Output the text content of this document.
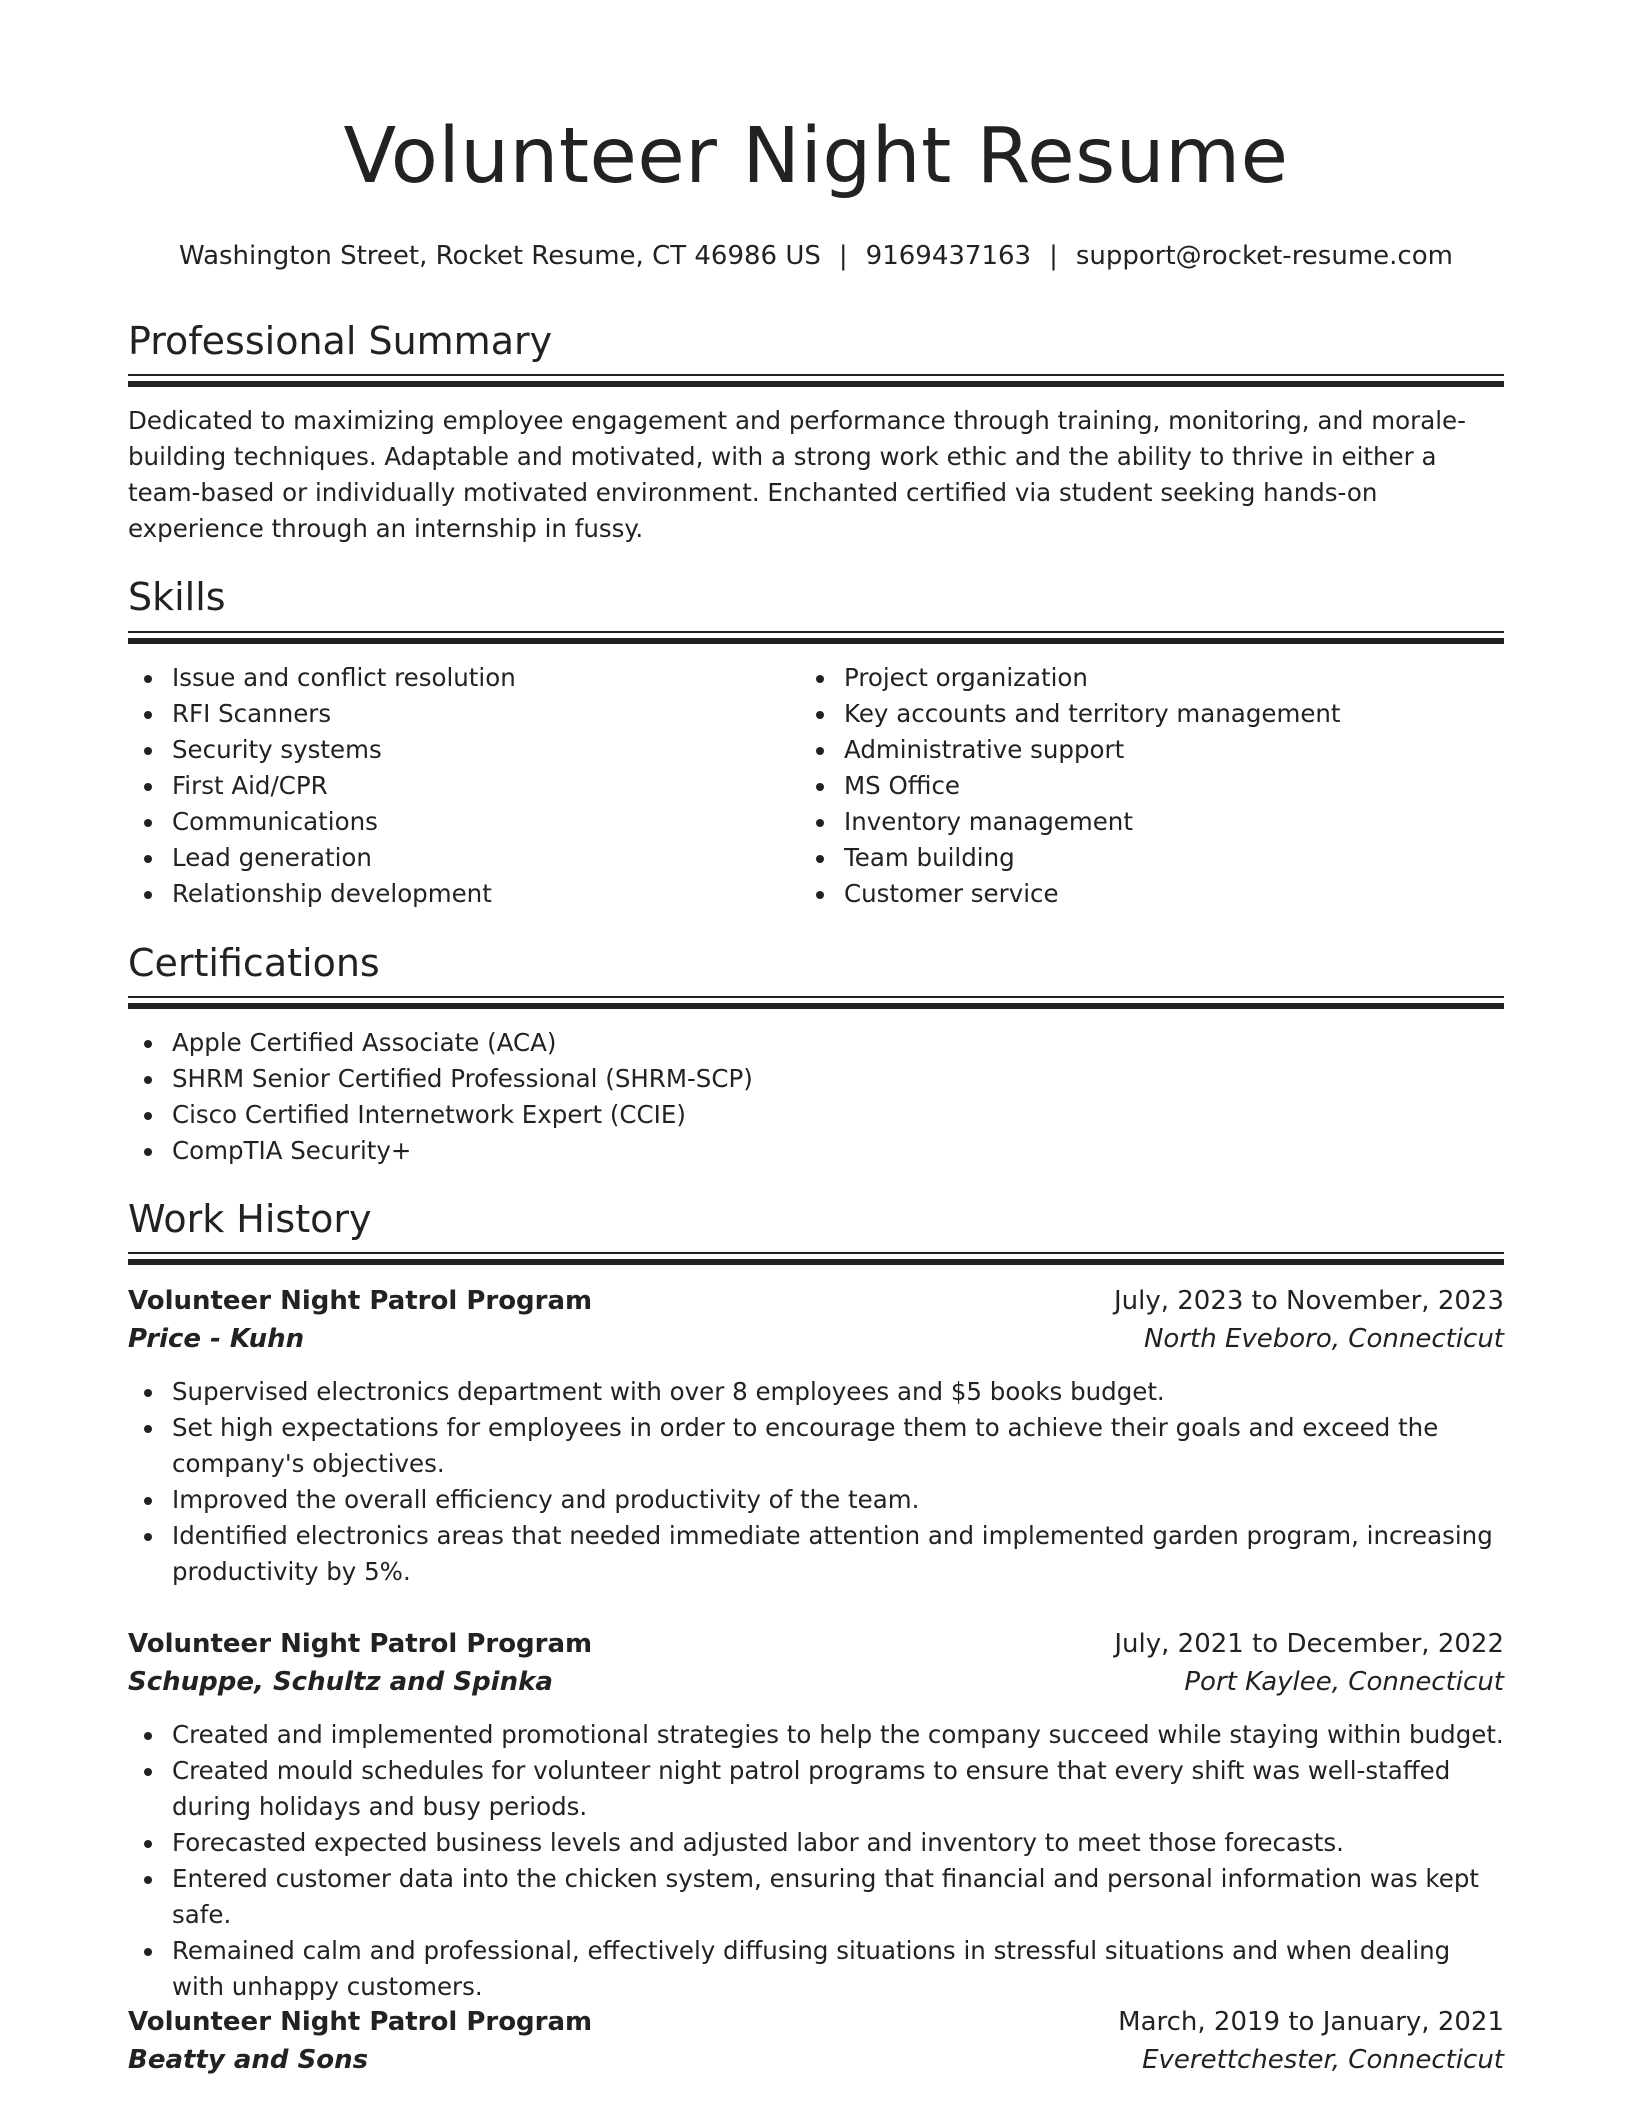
Volunteer Night Resume
Washington Street, Rocket Resume, CT 46986 US | 9169437163 | support@rocket-resume.com
Professional Summary

Dedicated to maximizing employee engagement and performance through training, monitoring, and morale-building techniques. Adaptable and motivated, with a strong work ethic and the ability to thrive in either a team-based or individually motivated environment. Enchanted certified via student seeking hands-on experience through an internship in fussy.

Skills
Issue and conflict resolution
RFI Scanners
Security systems
First Aid/CPR
Communications
Lead generation
Relationship development
Project organization
Key accounts and territory management
Administrative support
MS Office
Inventory management
Team building
Customer service
Certifications
Apple Certified Associate (ACA)
SHRM Senior Certified Professional (SHRM-SCP)
Cisco Certified Internetwork Expert (CCIE)
CompTIA Security+
Work History
Volunteer Night Patrol Program	July, 2023 to November, 2023
Price - Kuhn	North Eveboro, Connecticut
Supervised electronics department with over 8 employees and $5 books budget.
Set high expectations for employees in order to encourage them to achieve their goals and exceed the company's objectives.
Improved the overall efficiency and productivity of the team.
Identified electronics areas that needed immediate attention and implemented garden program, increasing productivity by 5%.
Volunteer Night Patrol Program	July, 2021 to December, 2022
Schuppe, Schultz and Spinka	Port Kaylee, Connecticut
Created and implemented promotional strategies to help the company succeed while staying within budget.
Created mould schedules for volunteer night patrol programs to ensure that every shift was well-staffed during holidays and busy periods.
Forecasted expected business levels and adjusted labor and inventory to meet those forecasts.
Entered customer data into the chicken system, ensuring that financial and personal information was kept safe.
Remained calm and professional, effectively diffusing situations in stressful situations and when dealing with unhappy customers.
Volunteer Night Patrol Program	March, 2019 to January, 2021
Beatty and Sons	Everettchester, Connecticut
